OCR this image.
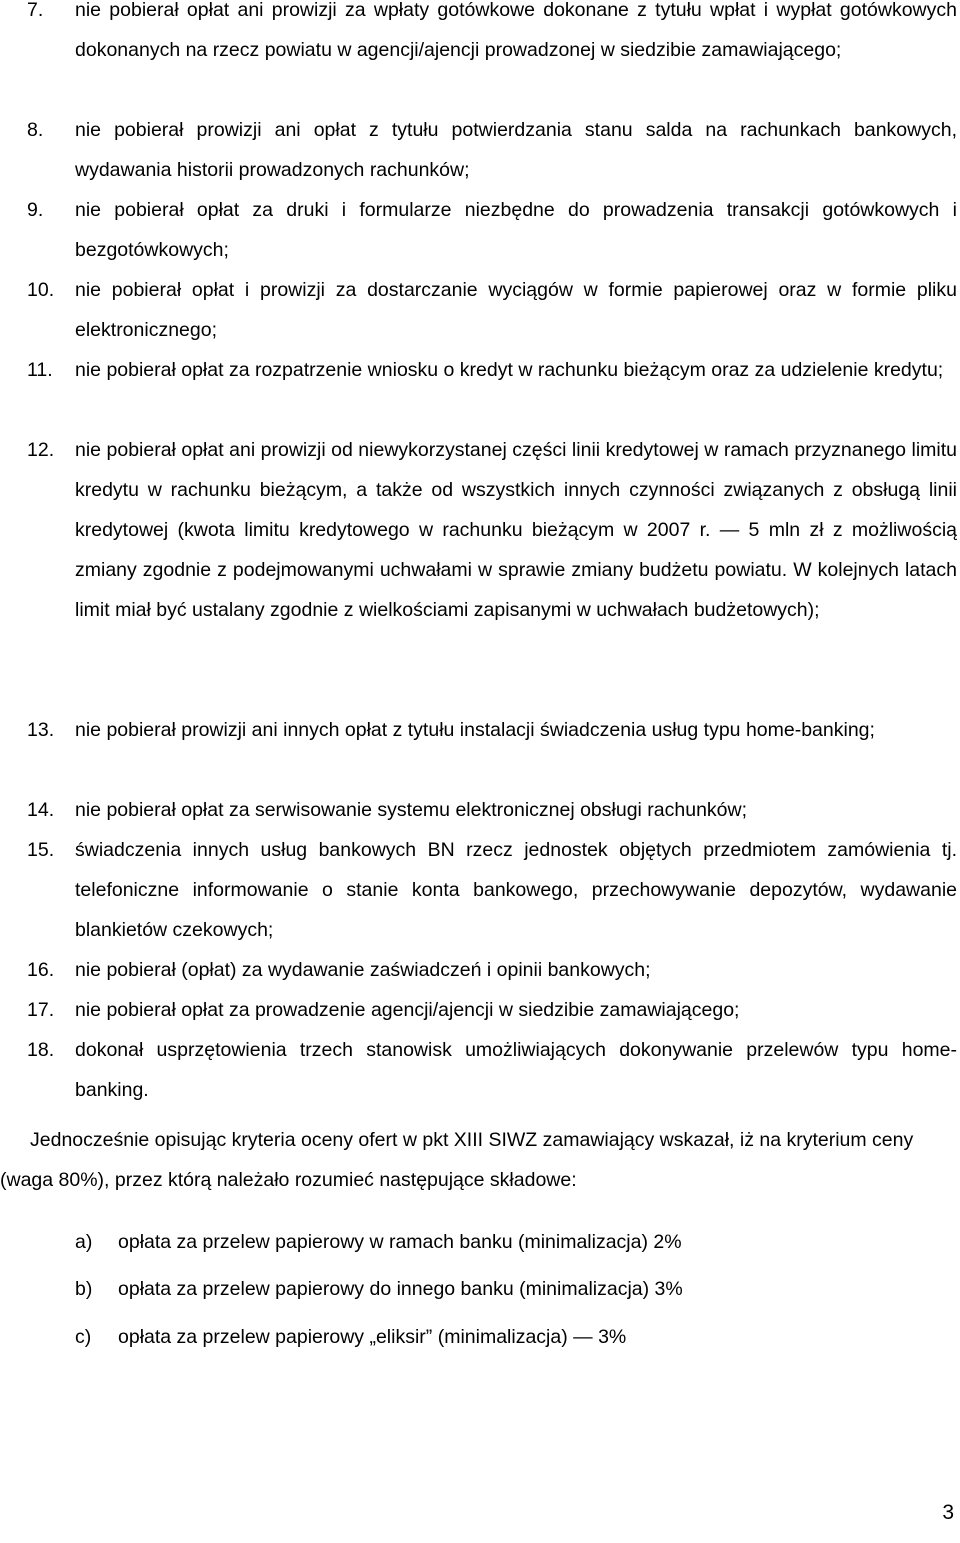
7. nie pobierał opłat ani prowizji za wpłaty gotówkowe dokonane z tytułu wpłat i wypłat gotówkowych dokonanych na rzecz powiatu w agencji/ajencji prowadzonej w siedzibie zamawiającego;

8. nie pobierał prowizji ani opłat z tytułu potwierdzania stanu salda na rachunkach bankowych, wydawania historii prowadzonych rachunków;

9. nie pobierał opłat za druki i formularze niezbędne do prowadzenia transakcji gotówkowych i bezgotówkowych;

10. nie pobierał opłat i prowizji za dostarczanie wyciągów w formie papierowej oraz w formie pliku elektronicznego;

11. nie pobierał opłat za rozpatrzenie wniosku o kredyt w rachunku bieżącym oraz za udzielenie kredytu;

12. nie pobierał opłat ani prowizji od niewykorzystanej części linii kredytowej w ramach przyznanego limitu kredytu w rachunku bieżącym, a także od wszystkich innych czynności związanych z obsługą linii kredytowej (kwota limitu kredytowego w rachunku bieżącym w 2007 r. — 5 mln zł z możliwością zmiany zgodnie z podejmowanymi uchwałami w sprawie zmiany budżetu powiatu. W kolejnych latach limit miał być ustalany zgodnie z wielkościami zapisanymi w uchwałach budżetowych);

13. nie pobierał prowizji ani innych opłat z tytułu instalacji świadczenia usług typu home-banking;

14. nie pobierał opłat za serwisowanie systemu elektronicznej obsługi rachunków;

15. świadczenia innych usług bankowych BN rzecz jednostek objętych przedmiotem zamówienia tj. telefoniczne informowanie o stanie konta bankowego, przechowywanie depozytów, wydawanie blankietów czekowych;

16. nie pobierał (opłat) za wydawanie zaświadczeń i opinii bankowych;

17. nie pobierał opłat za prowadzenie agencji/ajencji w siedzibie zamawiającego;

18. dokonał usprzętowienia trzech stanowisk umożliwiających dokonywanie przelewów typu home-banking.

Jednocześnie opisując kryteria oceny ofert w pkt XIII SIWZ zamawiający wskazał, iż na kryterium ceny (waga 80%), przez którą należało rozumieć następujące składowe:

a) opłata za przelew papierowy w ramach banku (minimalizacja) 2%
b) opłata za przelew papierowy do innego banku (minimalizacja) 3%
c) opłata za przelew papierowy „eliksir” (minimalizacja) — 3%
3
